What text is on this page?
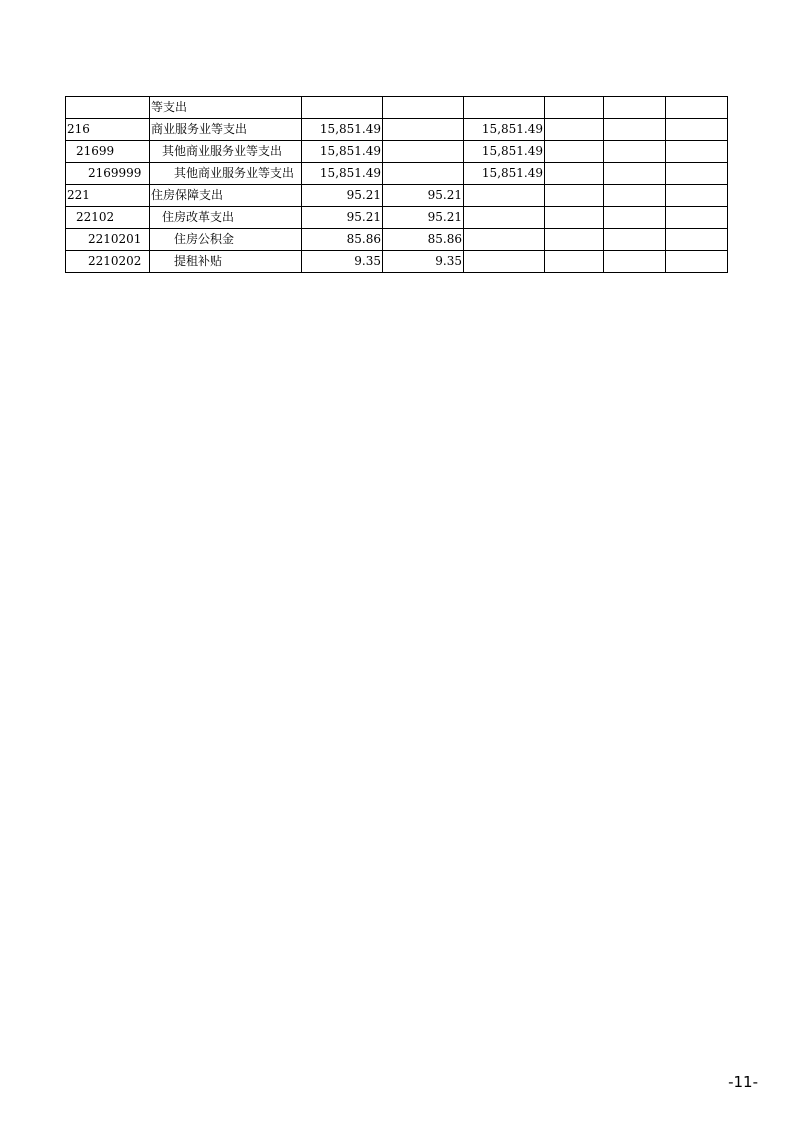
	等支出						
216	商业服务业等支出	15,851.49		15,851.49			
21699	其他商业服务业等支出	15,851.49		15,851.49			
2169999	其他商业服务业等支出	15,851.49		15,851.49			
221	住房保障支出	95.21	95.21				
22102	住房改革支出	95.21	95.21				
2210201	住房公积金	85.86	85.86				
2210202	提租补贴	9.35	9.35				
-11-
